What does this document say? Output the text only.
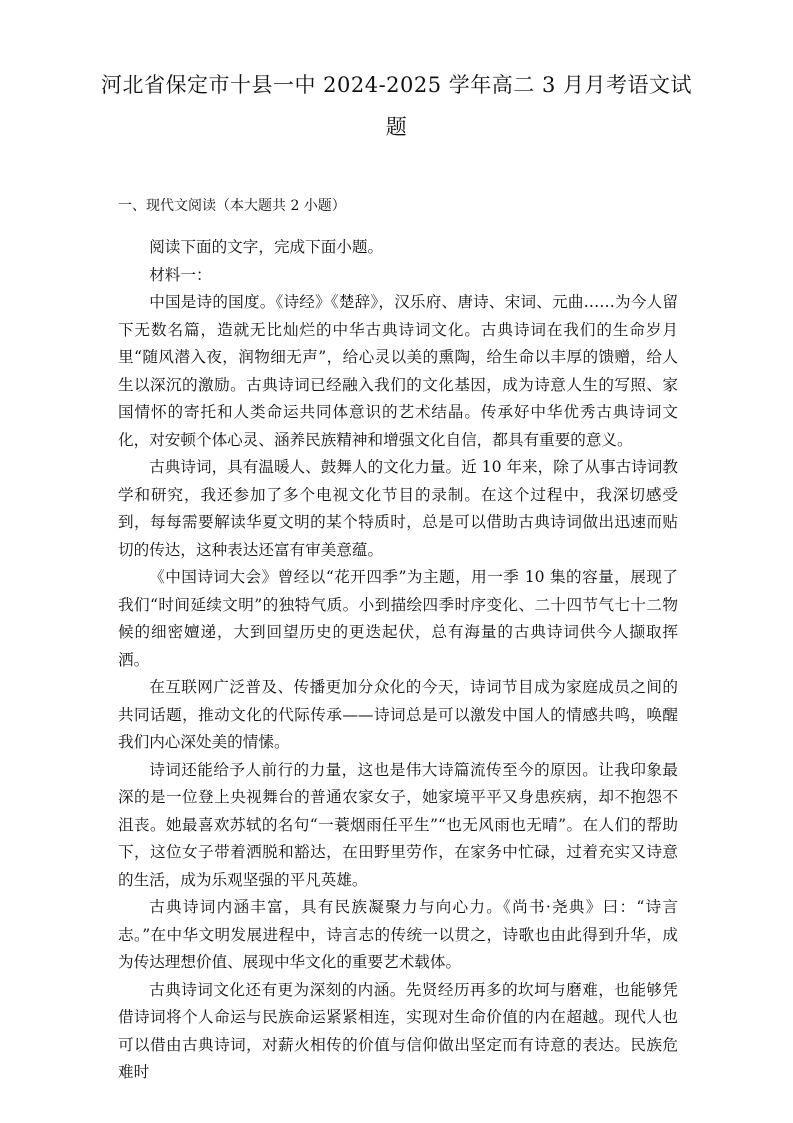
河北省保定市十县一中 2024-2025 学年高二 3 月月考语文试题
一、现代文阅读（本大题共 2 小题）

阅读下面的文字，完成下面小题。

材料一：

中国是诗的国度。《诗经》《楚辞》，汉乐府、唐诗、宋词、元曲……为今人留下无数名篇，造就无比灿烂的中华古典诗词文化。古典诗词在我们的生命岁月里“随风潜入夜，润物细无声”，给心灵以美的熏陶，给生命以丰厚的馈赠，给人生以深沉的激励。古典诗词已经融入我们的文化基因，成为诗意人生的写照、家国情怀的寄托和人类命运共同体意识的艺术结晶。传承好中华优秀古典诗词文化，对安顿个体心灵、涵养民族精神和增强文化自信，都具有重要的意义。

古典诗词，具有温暖人、鼓舞人的文化力量。近 10 年来，除了从事古诗词教学和研究，我还参加了多个电视文化节目的录制。在这个过程中，我深切感受到，每每需要解读华夏文明的某个特质时，总是可以借助古典诗词做出迅速而贴切的传达，这种表达还富有审美意蕴。

《中国诗词大会》曾经以“花开四季”为主题，用一季 10 集的容量，展现了我们“时间延续文明”的独特气质。小到描绘四季时序变化、二十四节气七十二物候的细密嬗递，大到回望历史的更迭起伏，总有海量的古典诗词供今人撷取挥洒。

在互联网广泛普及、传播更加分众化的今天，诗词节目成为家庭成员之间的共同话题，推动文化的代际传承——诗词总是可以激发中国人的情感共鸣，唤醒我们内心深处美的情愫。

诗词还能给予人前行的力量，这也是伟大诗篇流传至今的原因。让我印象最深的是一位登上央视舞台的普通农家女子，她家境平平又身患疾病，却不抱怨不沮丧。她最喜欢苏轼的名句“一蓑烟雨任平生”“也无风雨也无晴”。在人们的帮助下，这位女子带着洒脱和豁达，在田野里劳作，在家务中忙碌，过着充实又诗意的生活，成为乐观坚强的平凡英雄。

古典诗词内涵丰富，具有民族凝聚力与向心力。《尚书·尧典》曰：“诗言志。”在中华文明发展进程中，诗言志的传统一以贯之，诗歌也由此得到升华，成为传达理想价值、展现中华文化的重要艺术载体。

古典诗词文化还有更为深刻的内涵。先贤经历再多的坎坷与磨难，也能够凭借诗词将个人命运与民族命运紧紧相连，实现对生命价值的内在超越。现代人也可以借由古典诗词，对薪火相传的价值与信仰做出坚定而有诗意的表达。民族危难时
